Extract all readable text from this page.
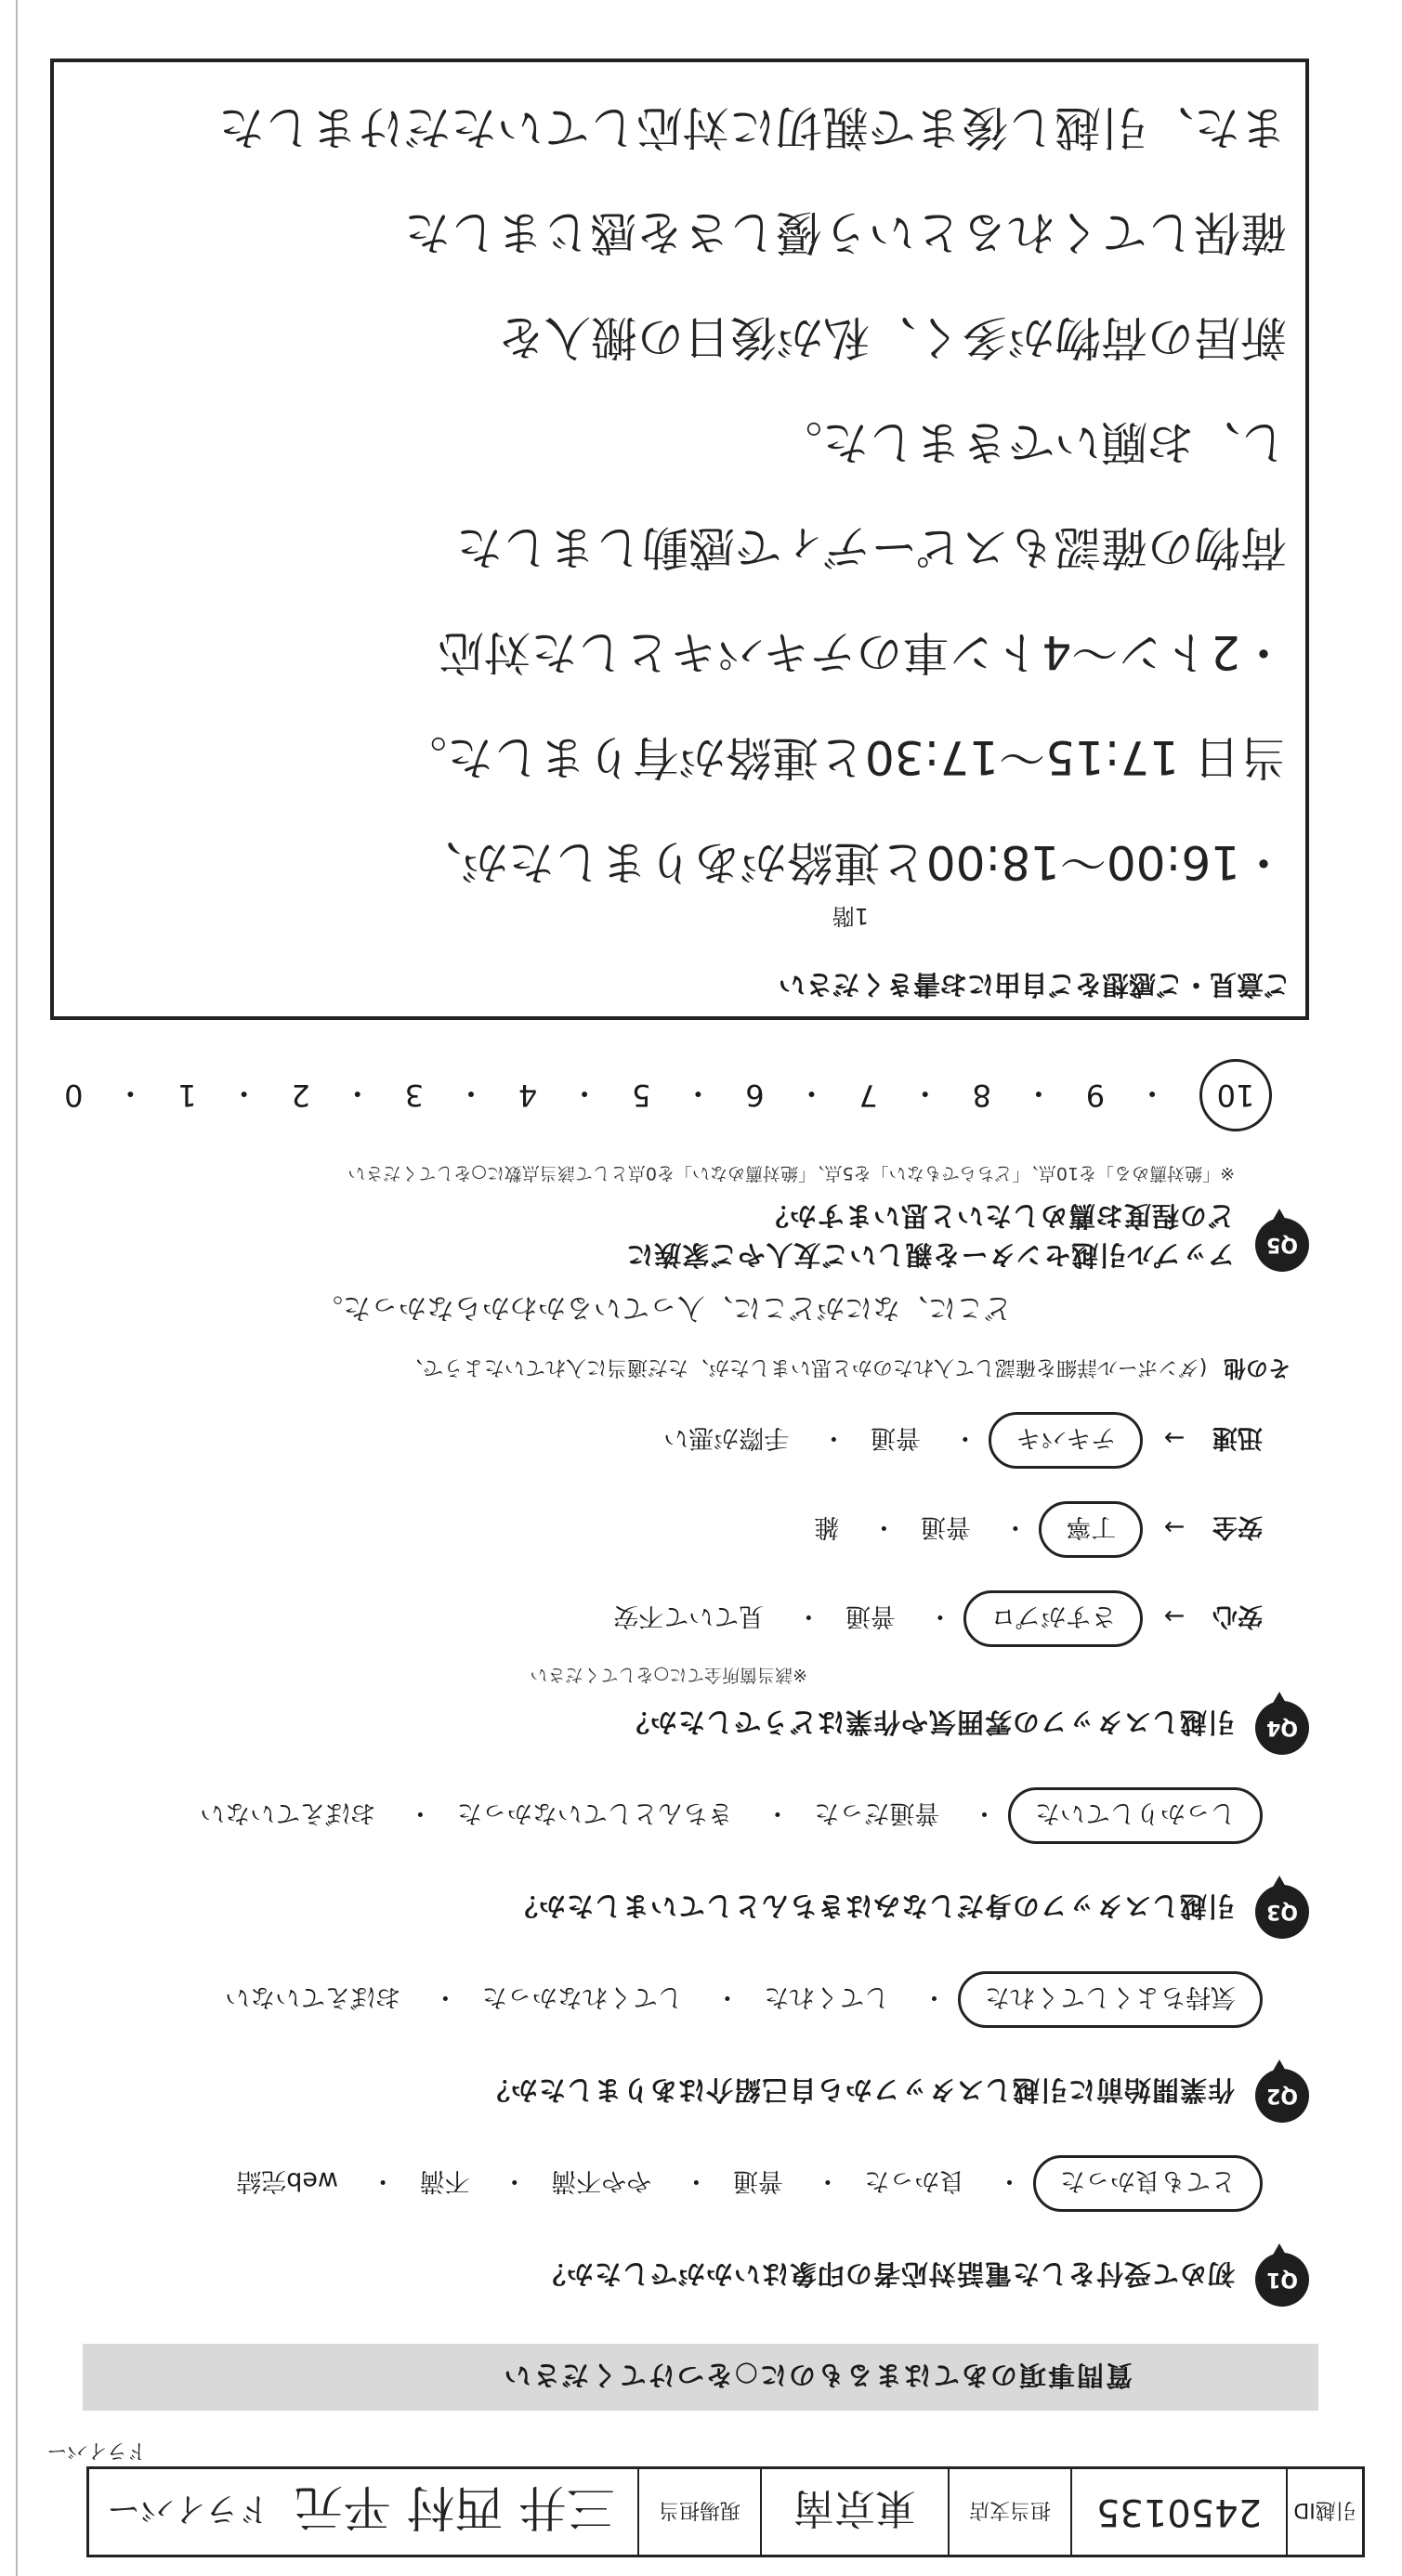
引越ID
2450135
担当支店
東京南
現場担当
三井 西村 平元
ドライバー
ドライバー
質問事項のあてはまるものに○をつけてください
Q1
初めて受付をした電話対応者の印象はいかがでしたか？
とても良かった・ 良かった・ 普通・ やや不満・ 不満・ web完結
Q2
作業開始前に引越しスタッフから自己紹介はありましたか？
気持ちよくしてくれた・ してくれた・ してくれなかった・ おぼえていない
Q3
引越しスタッフの身だしなみはきちんとしていましたか？
しっかりしていた・ 普通だった・ きちんとしていなかった・ おぼえていない
Q4
引越しスタッフの雰囲気や作業はどうでしたか？
※該当箇所全てに○をしてください
安心→ さすがプロ・ 普通・ 見ていて不安
安全→ 丁寧・ 普通・ 雑
迅速→ テキパキ・ 普通・ 手際が悪い
その他 (ダンボール詳細を確認して入れたのかと思いましたが、ただ適当に入れていたようで、
どこに、なにがどこに、入っているかわからなかった。
Q5
アップル引越センターを親しいご友人やご家族に
どの程度お薦めしたいと思いますか？
※「絶対薦める」を10点、「どちらでもない」を5点、「絶対薦めない」を0点として該当点数に○をしてください
10
・
9
・
8
・
7
・
6
・
5
・
4
・
3
・
2
・
1
・
0
ご意見・ご感想をご自由にお書きください
1階
・16:00〜18:00と連絡がありましたが、
当日 17:15〜17:30と連絡が有りました。
・2トン〜4トン車のテキパキとした対応
荷物の確認もスピーディで感動しました
し、お願いできました。
新居の荷物が多く、私が後日の搬入を
確保してくれるという優しさを感じました
また、引越し後まで親切に対応していただけました
